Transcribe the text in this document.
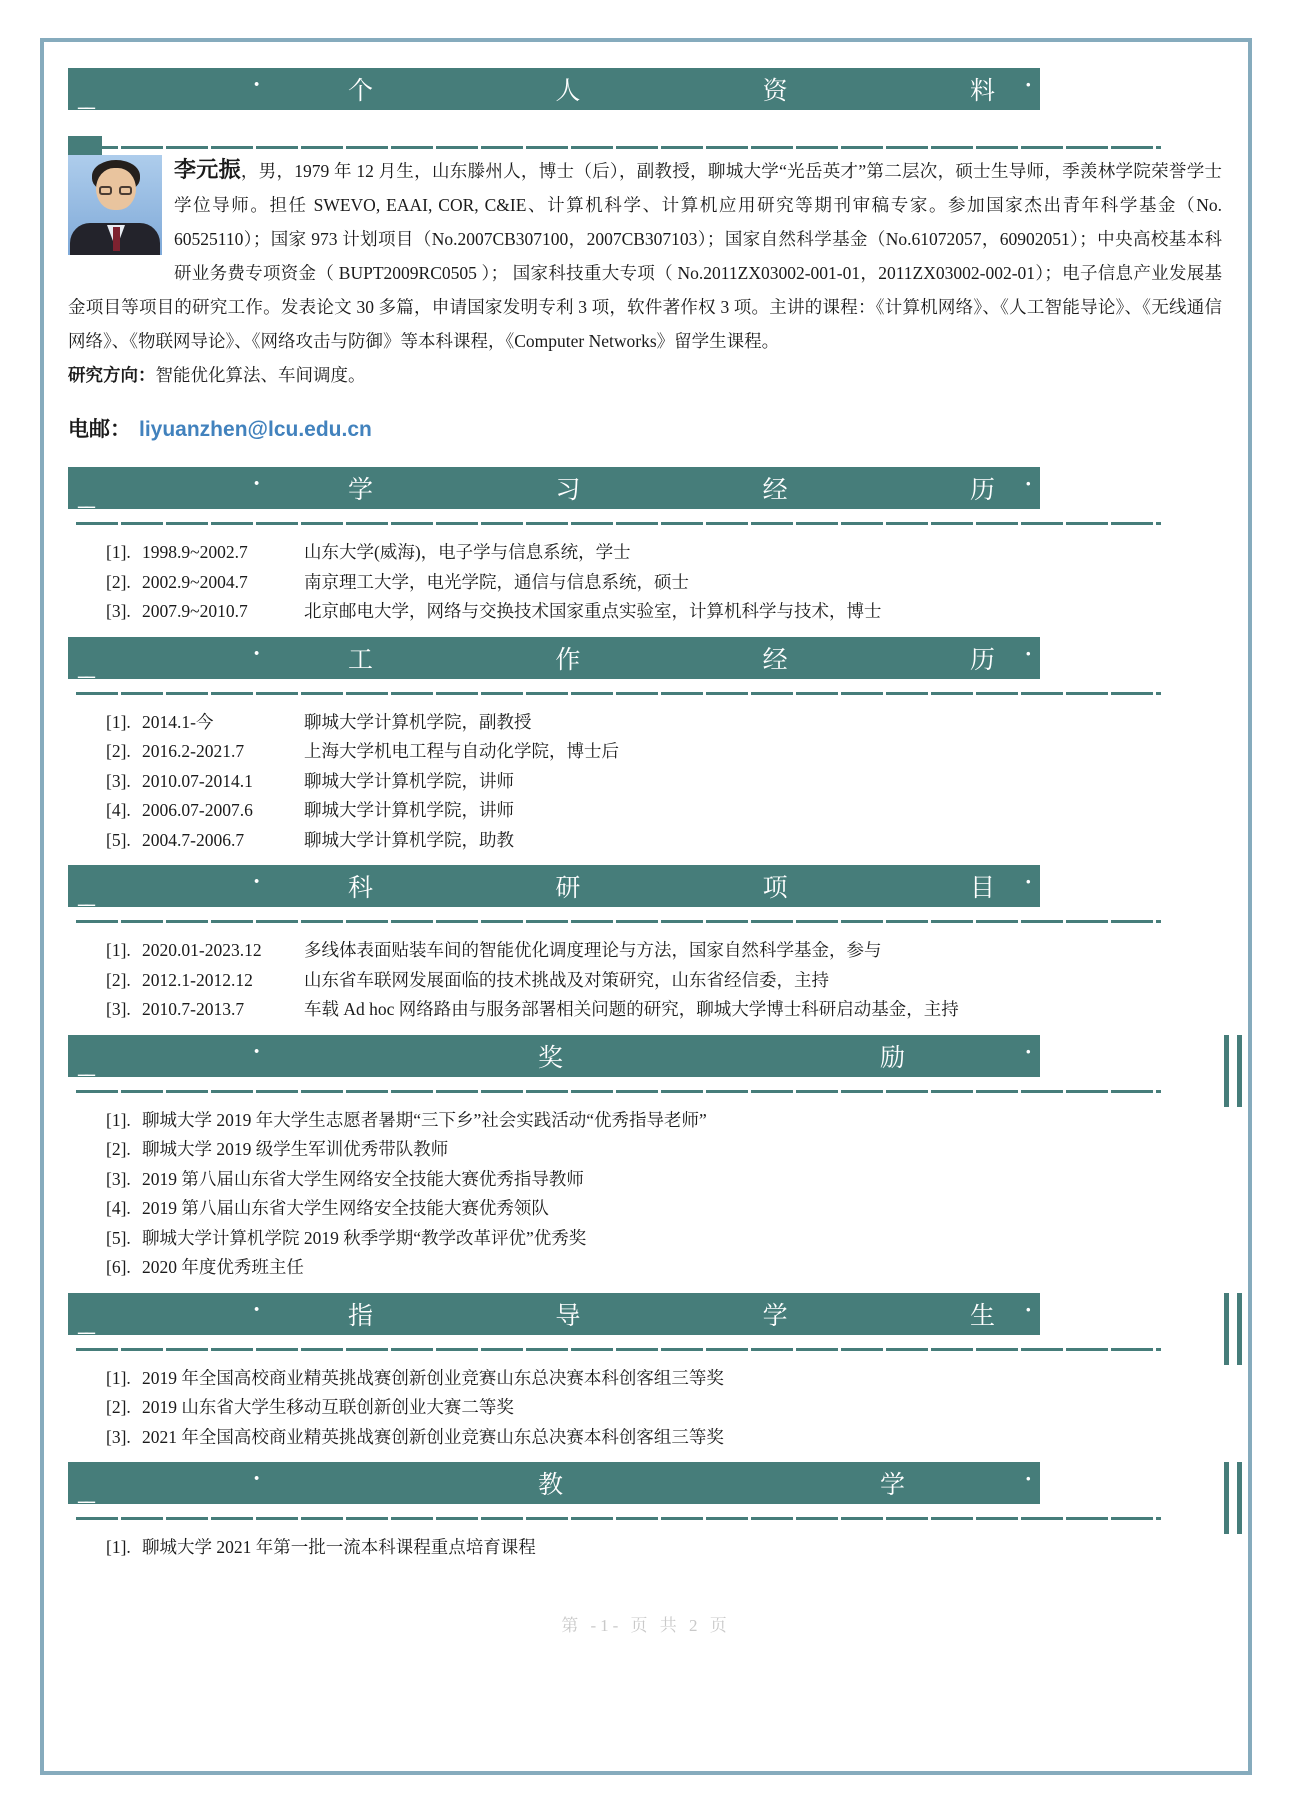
__
·	个	人	资	料 ·
李元振，男，1979 年 12 月生，山东滕州人，博士（后），副教授，聊城大学“光岳英才”第二层次，硕士生导师，季羡林学院荣誉学士学位导师。担任 SWEVO, EAAI, COR, C&IE、计算机科学、计算机应用研究等期刊审稿专家。参加国家杰出青年科学基金（No. 60525110）；国家 973 计划项目（No.2007CB307100，2007CB307103）；国家自然科学基金（No.61072057，60902051）；中央高校基本科研业务费专项资金（ BUPT2009RC0505 ）； 国家科技重大专项（ No.2011ZX03002-001-01，2011ZX03002-002-01）；电子信息产业发展基金项目等项目的研究工作。发表论文 30 多篇，申请国家发明专利 3 项，软件著作权 3 项。主讲的课程：《计算机网络》、《人工智能导论》、《无线通信网络》、《物联网导论》、《网络攻击与防御》等本科课程，《Computer Networks》留学生课程。
研究方向：智能优化算法、车间调度。
电邮： liyuanzhen@lcu.edu.cn
__
·	学	习	经	历 ·
[1]. 1998.9~2002.7	山东大学(威海)，电子学与信息系统，学士
[2]. 2002.9~2004.7	南京理工大学，电光学院，通信与信息系统，硕士
[3]. 2007.9~2010.7	北京邮电大学，网络与交换技术国家重点实验室，计算机科学与技术，博士
__
·	工	作	经	历 ·
[1]. 2014.1-今	聊城大学计算机学院，副教授
[2]. 2016.2-2021.7	上海大学机电工程与自动化学院，博士后
[3]. 2010.07-2014.1	聊城大学计算机学院，讲师
[4]. 2006.07-2007.6	聊城大学计算机学院，讲师
[5]. 2004.7-2006.7	聊城大学计算机学院，助教
__
·	科	研	项	目 ·
[1]. 2020.01-2023.12	多线体表面贴装车间的智能优化调度理论与方法，国家自然科学基金，参与
[2]. 2012.1-2012.12	山东省车联网发展面临的技术挑战及对策研究，山东省经信委，主持
[3]. 2010.7-2013.7	车载 Ad hoc 网络路由与服务部署相关问题的研究，聊城大学博士科研启动基金，主持
__
·	奖	励	·
[1]. 聊城大学 2019 年大学生志愿者暑期“三下乡”社会实践活动“优秀指导老师”
[2]. 聊城大学 2019 级学生军训优秀带队教师
[3]. 2019 第八届山东省大学生网络安全技能大赛优秀指导教师
[4]. 2019 第八届山东省大学生网络安全技能大赛优秀领队
[5]. 聊城大学计算机学院 2019 秋季学期“教学改革评优”优秀奖
[6]. 2020 年度优秀班主任
__
·	指	导	学	生 ·
[1]. 2019 年全国高校商业精英挑战赛创新创业竞赛山东总决赛本科创客组三等奖
[2]. 2019 山东省大学生移动互联创新创业大赛二等奖
[3]. 2021 年全国高校商业精英挑战赛创新创业竞赛山东总决赛本科创客组三等奖
__
·	教	学	·
[1]. 聊城大学 2021 年第一批一流本科课程重点培育课程
第 -1- 页 共 2 页
